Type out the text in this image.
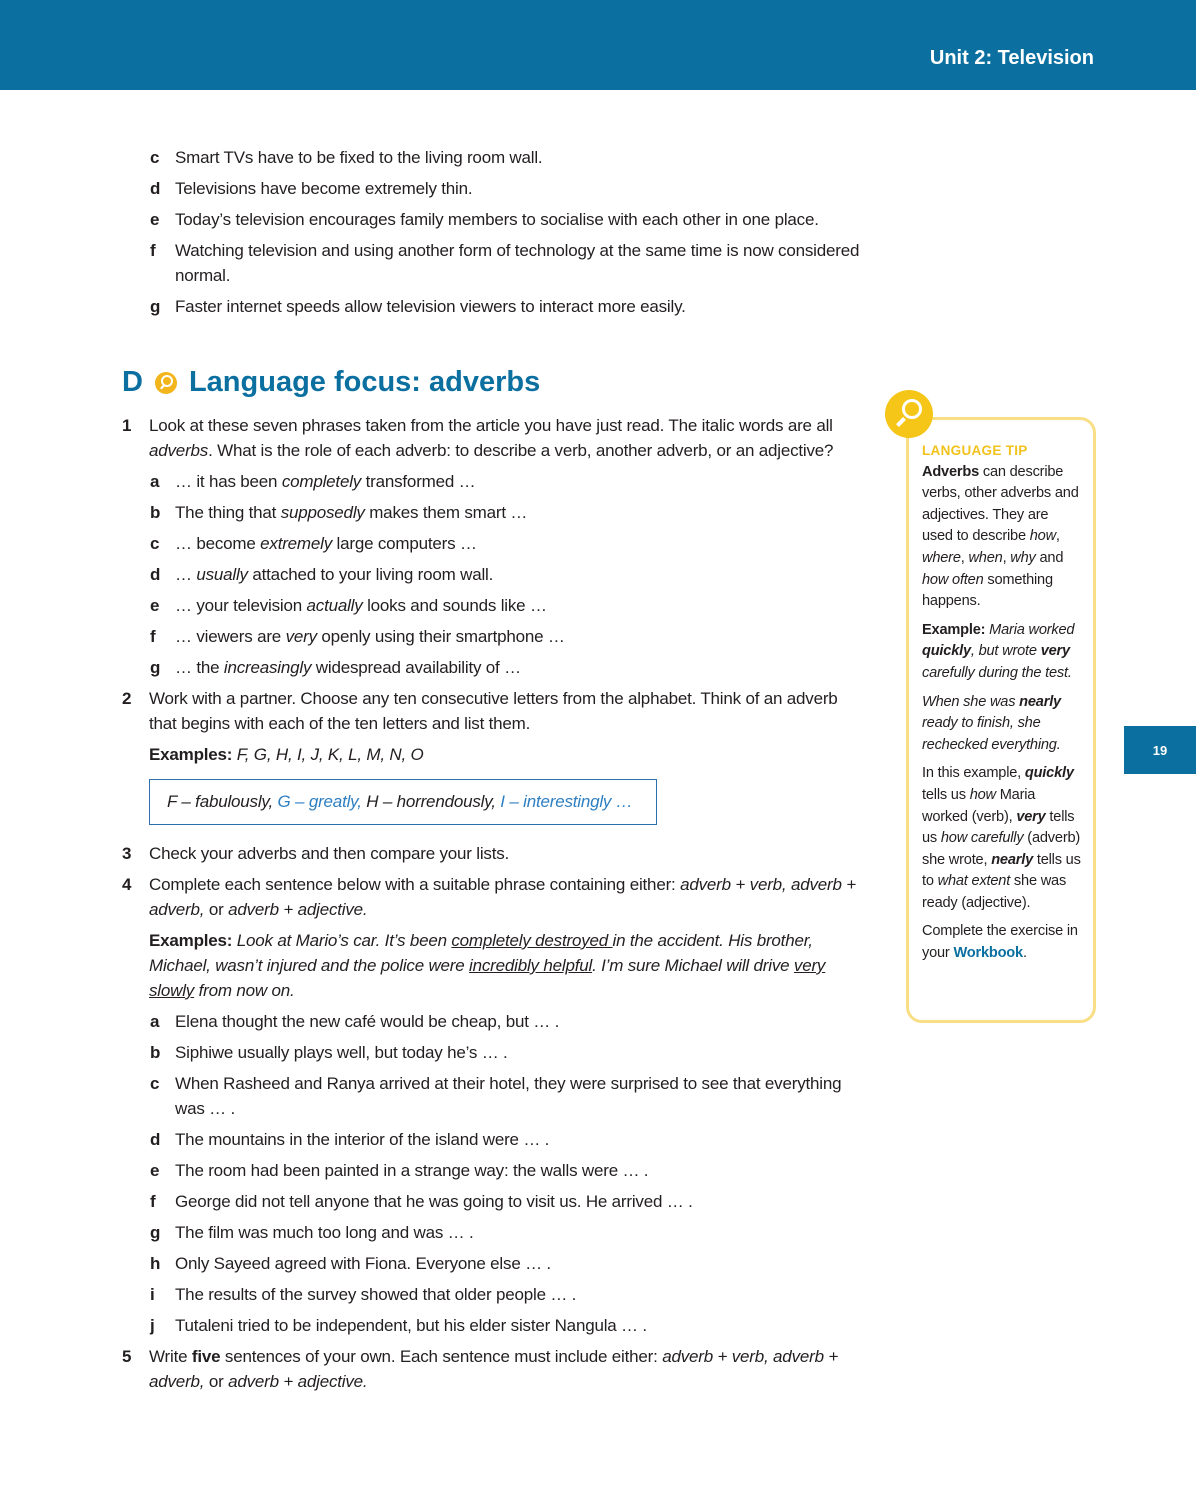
Unit 2: Television
19
c Smart TVs have to be fixed to the living room wall.
d Televisions have become extremely thin.
e Today’s television encourages family members to socialise with each other in one place.
f Watching television and using another form of technology at the same time is now considered normal.
g Faster internet speeds allow television viewers to interact more easily.
D Language focus: adverbs
1 Look at these seven phrases taken from the article you have just read. The italic words are all adverbs. What is the role of each adverb: to describe a verb, another adverb, or an adjective?
a … it has been completely transformed …
b The thing that supposedly makes them smart …
c … become extremely large computers …
d … usually attached to your living room wall.
e … your television actually looks and sounds like …
f … viewers are very openly using their smartphone …
g … the increasingly widespread availability of …
2 Work with a partner. Choose any ten consecutive letters from the alphabet. Think of an adverb that begins with each of the ten letters and list them.
Examples: F, G, H, I, J, K, L, M, N, O
F – fabulously, G – greatly, H – horrendously, I – interestingly …
3 Check your adverbs and then compare your lists.
4 Complete each sentence below with a suitable phrase containing either: adverb + verb, adverb + adverb, or adverb + adjective.
Examples: Look at Mario’s car. It’s been completely destroyed in the accident. His brother, Michael, wasn’t injured and the police were incredibly helpful. I’m sure Michael will drive very slowly from now on.
a Elena thought the new café would be cheap, but … .
b Siphiwe usually plays well, but today he’s … .
c When Rasheed and Ranya arrived at their hotel, they were surprised to see that everything was … .
d The mountains in the interior of the island were … .
e The room had been painted in a strange way: the walls were … .
f George did not tell anyone that he was going to visit us. He arrived … .
g The film was much too long and was … .
h Only Sayeed agreed with Fiona. Everyone else … .
i The results of the survey showed that older people … .
j Tutaleni tried to be independent, but his elder sister Nangula … .
5 Write five sentences of your own. Each sentence must include either: adverb + verb, adverb + adverb, or adverb + adjective.
LANGUAGE TIP

Adverbs can describe verbs, other adverbs and adjectives. They are used to describe how, where, when, why and how often something happens.

Example: Maria worked quickly, but wrote very carefully during the test.

When she was nearly ready to finish, she rechecked everything.

In this example, quickly tells us how Maria worked (verb), very tells us how carefully (adverb) she wrote, nearly tells us to what extent she was ready (adjective).

Complete the exercise in your Workbook.
